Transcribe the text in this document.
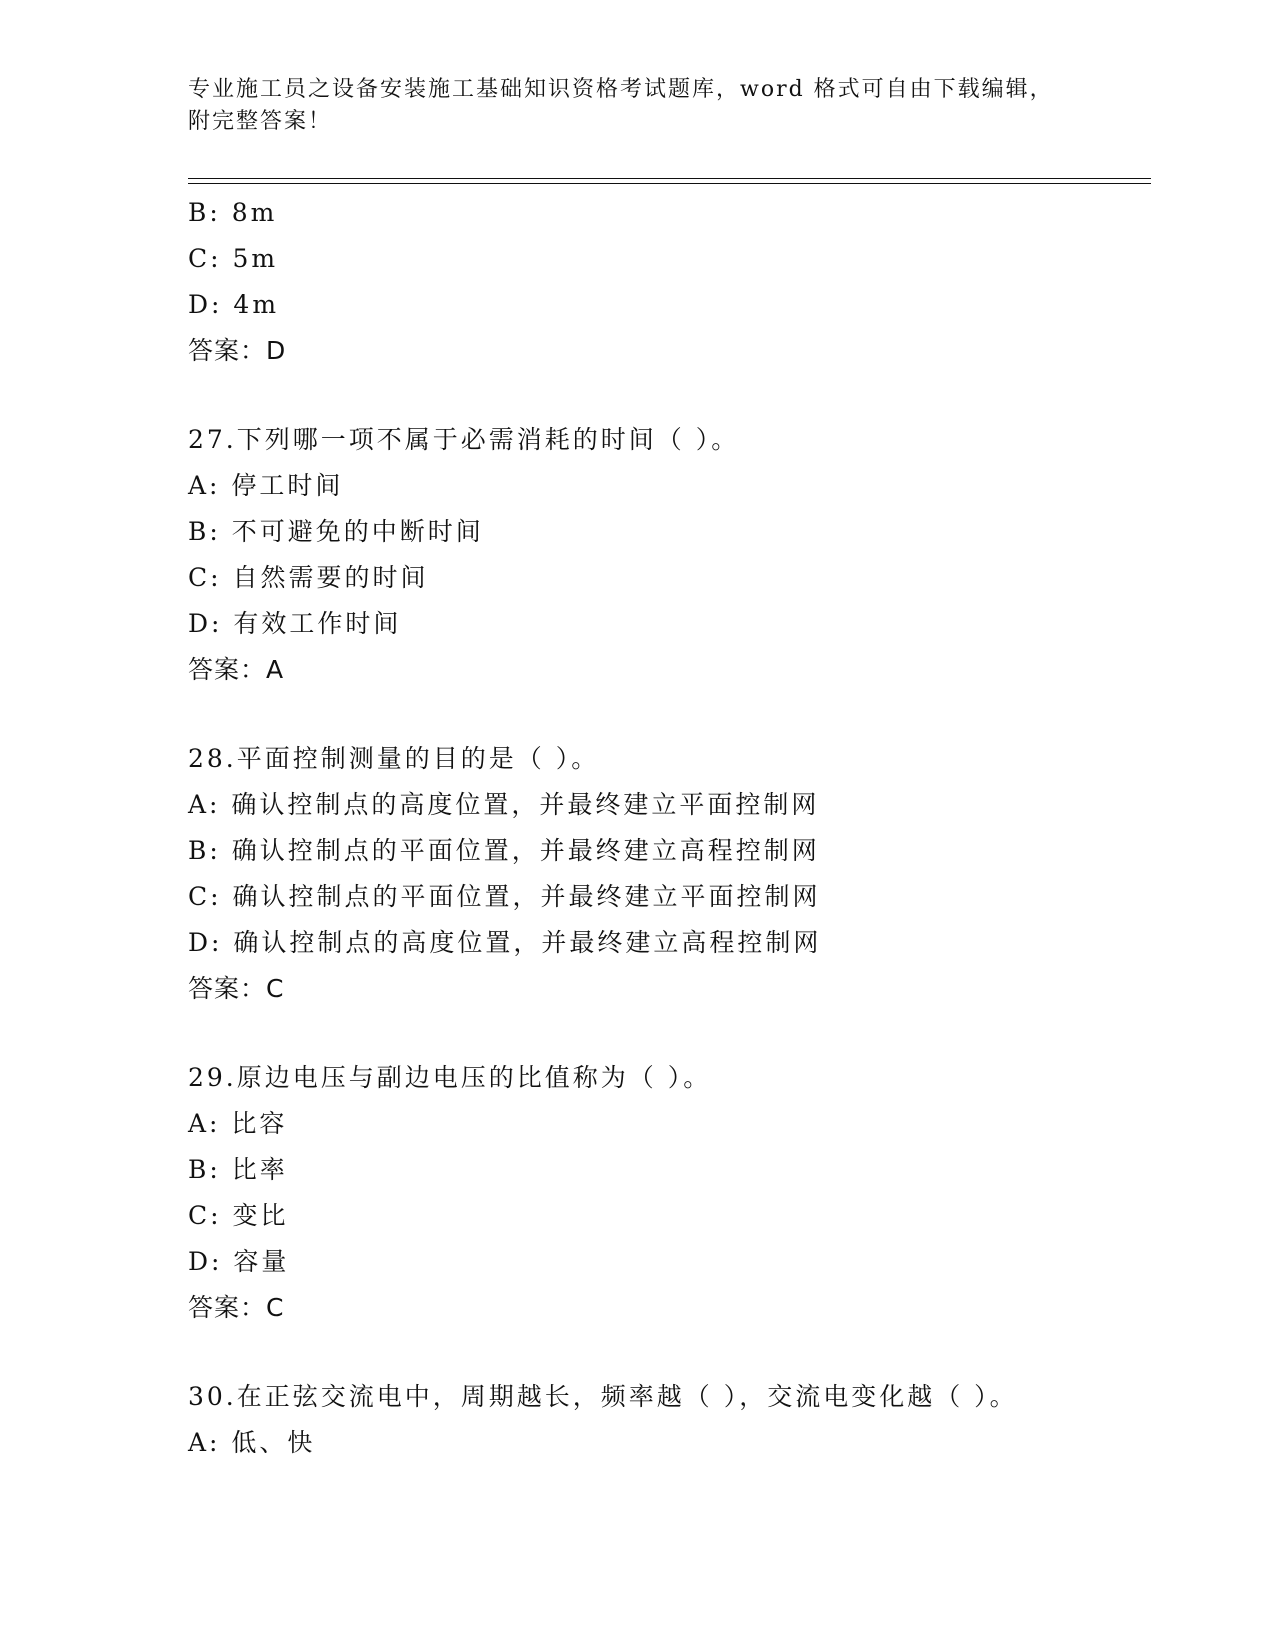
专业施工员之设备安装施工基础知识资格考试题库，word 格式可自由下载编辑，
附完整答案！
B: 8m
C: 5m
D: 4m
答案：D
27.下列哪一项不属于必需消耗的时间（ ）。
A: 停工时间
B: 不可避免的中断时间
C: 自然需要的时间
D: 有效工作时间
答案：A
28.平面控制测量的目的是（ ）。
A: 确认控制点的高度位置，并最终建立平面控制网
B: 确认控制点的平面位置，并最终建立高程控制网
C: 确认控制点的平面位置，并最终建立平面控制网
D: 确认控制点的高度位置，并最终建立高程控制网
答案：C
29.原边电压与副边电压的比值称为（ ）。
A: 比容
B: 比率
C: 变比
D: 容量
答案：C
30.在正弦交流电中，周期越长，频率越（ ），交流电变化越（ ）。
A: 低、快
